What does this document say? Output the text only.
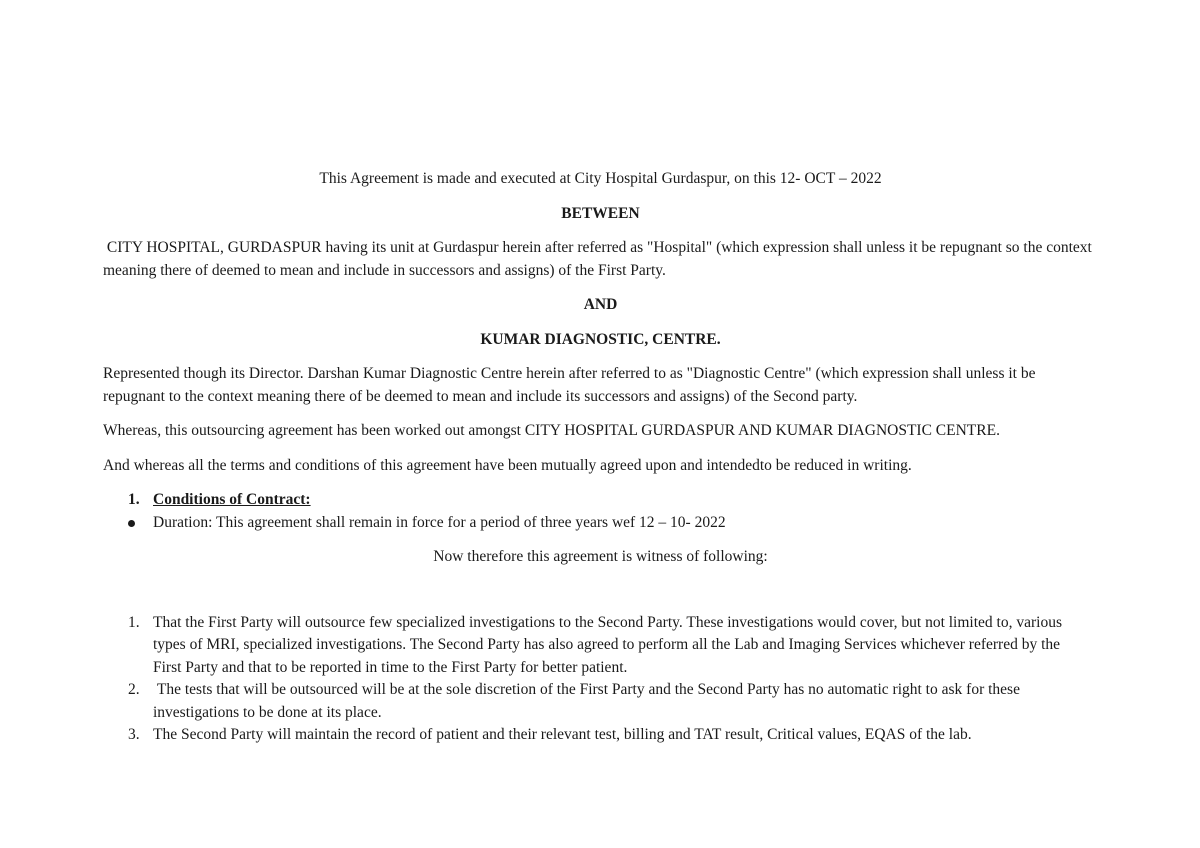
This Agreement is made and executed at City Hospital Gurdaspur, on this 12- OCT – 2022

BETWEEN

CITY HOSPITAL, GURDASPUR having its unit at Gurdaspur herein after referred as "Hospital" (which expression shall unless it be repugnant so the context meaning there of deemed to mean and include in successors and assigns) of the First Party.

AND

KUMAR DIAGNOSTIC, CENTRE.

Represented though its Director. Darshan Kumar Diagnostic Centre herein after referred to as "Diagnostic Centre" (which expression shall unless it be repugnant to the context meaning there of be deemed to mean and include its successors and assigns) of the Second party.

Whereas, this outsourcing agreement has been worked out amongst CITY HOSPITAL GURDASPUR AND KUMAR DIAGNOSTIC CENTRE.

And whereas all the terms and conditions of this agreement have been mutually agreed upon and intendedto be reduced in writing.

1. Conditions of Contract:
Duration: This agreement shall remain in force for a period of three years wef 12 – 10- 2022

Now therefore this agreement is witness of following:

1. That the First Party will outsource few specialized investigations to the Second Party. These investigations would cover, but not limited to, various types of MRI, specialized investigations. The Second Party has also agreed to perform all the Lab and Imaging Services whichever referred by the First Party and that to be reported in time to the First Party for better patient.
2. The tests that will be outsourced will be at the sole discretion of the First Party and the Second Party has no automatic right to ask for these investigations to be done at its place.
3. The Second Party will maintain the record of patient and their relevant test, billing and TAT result, Critical values, EQAS of the lab.
